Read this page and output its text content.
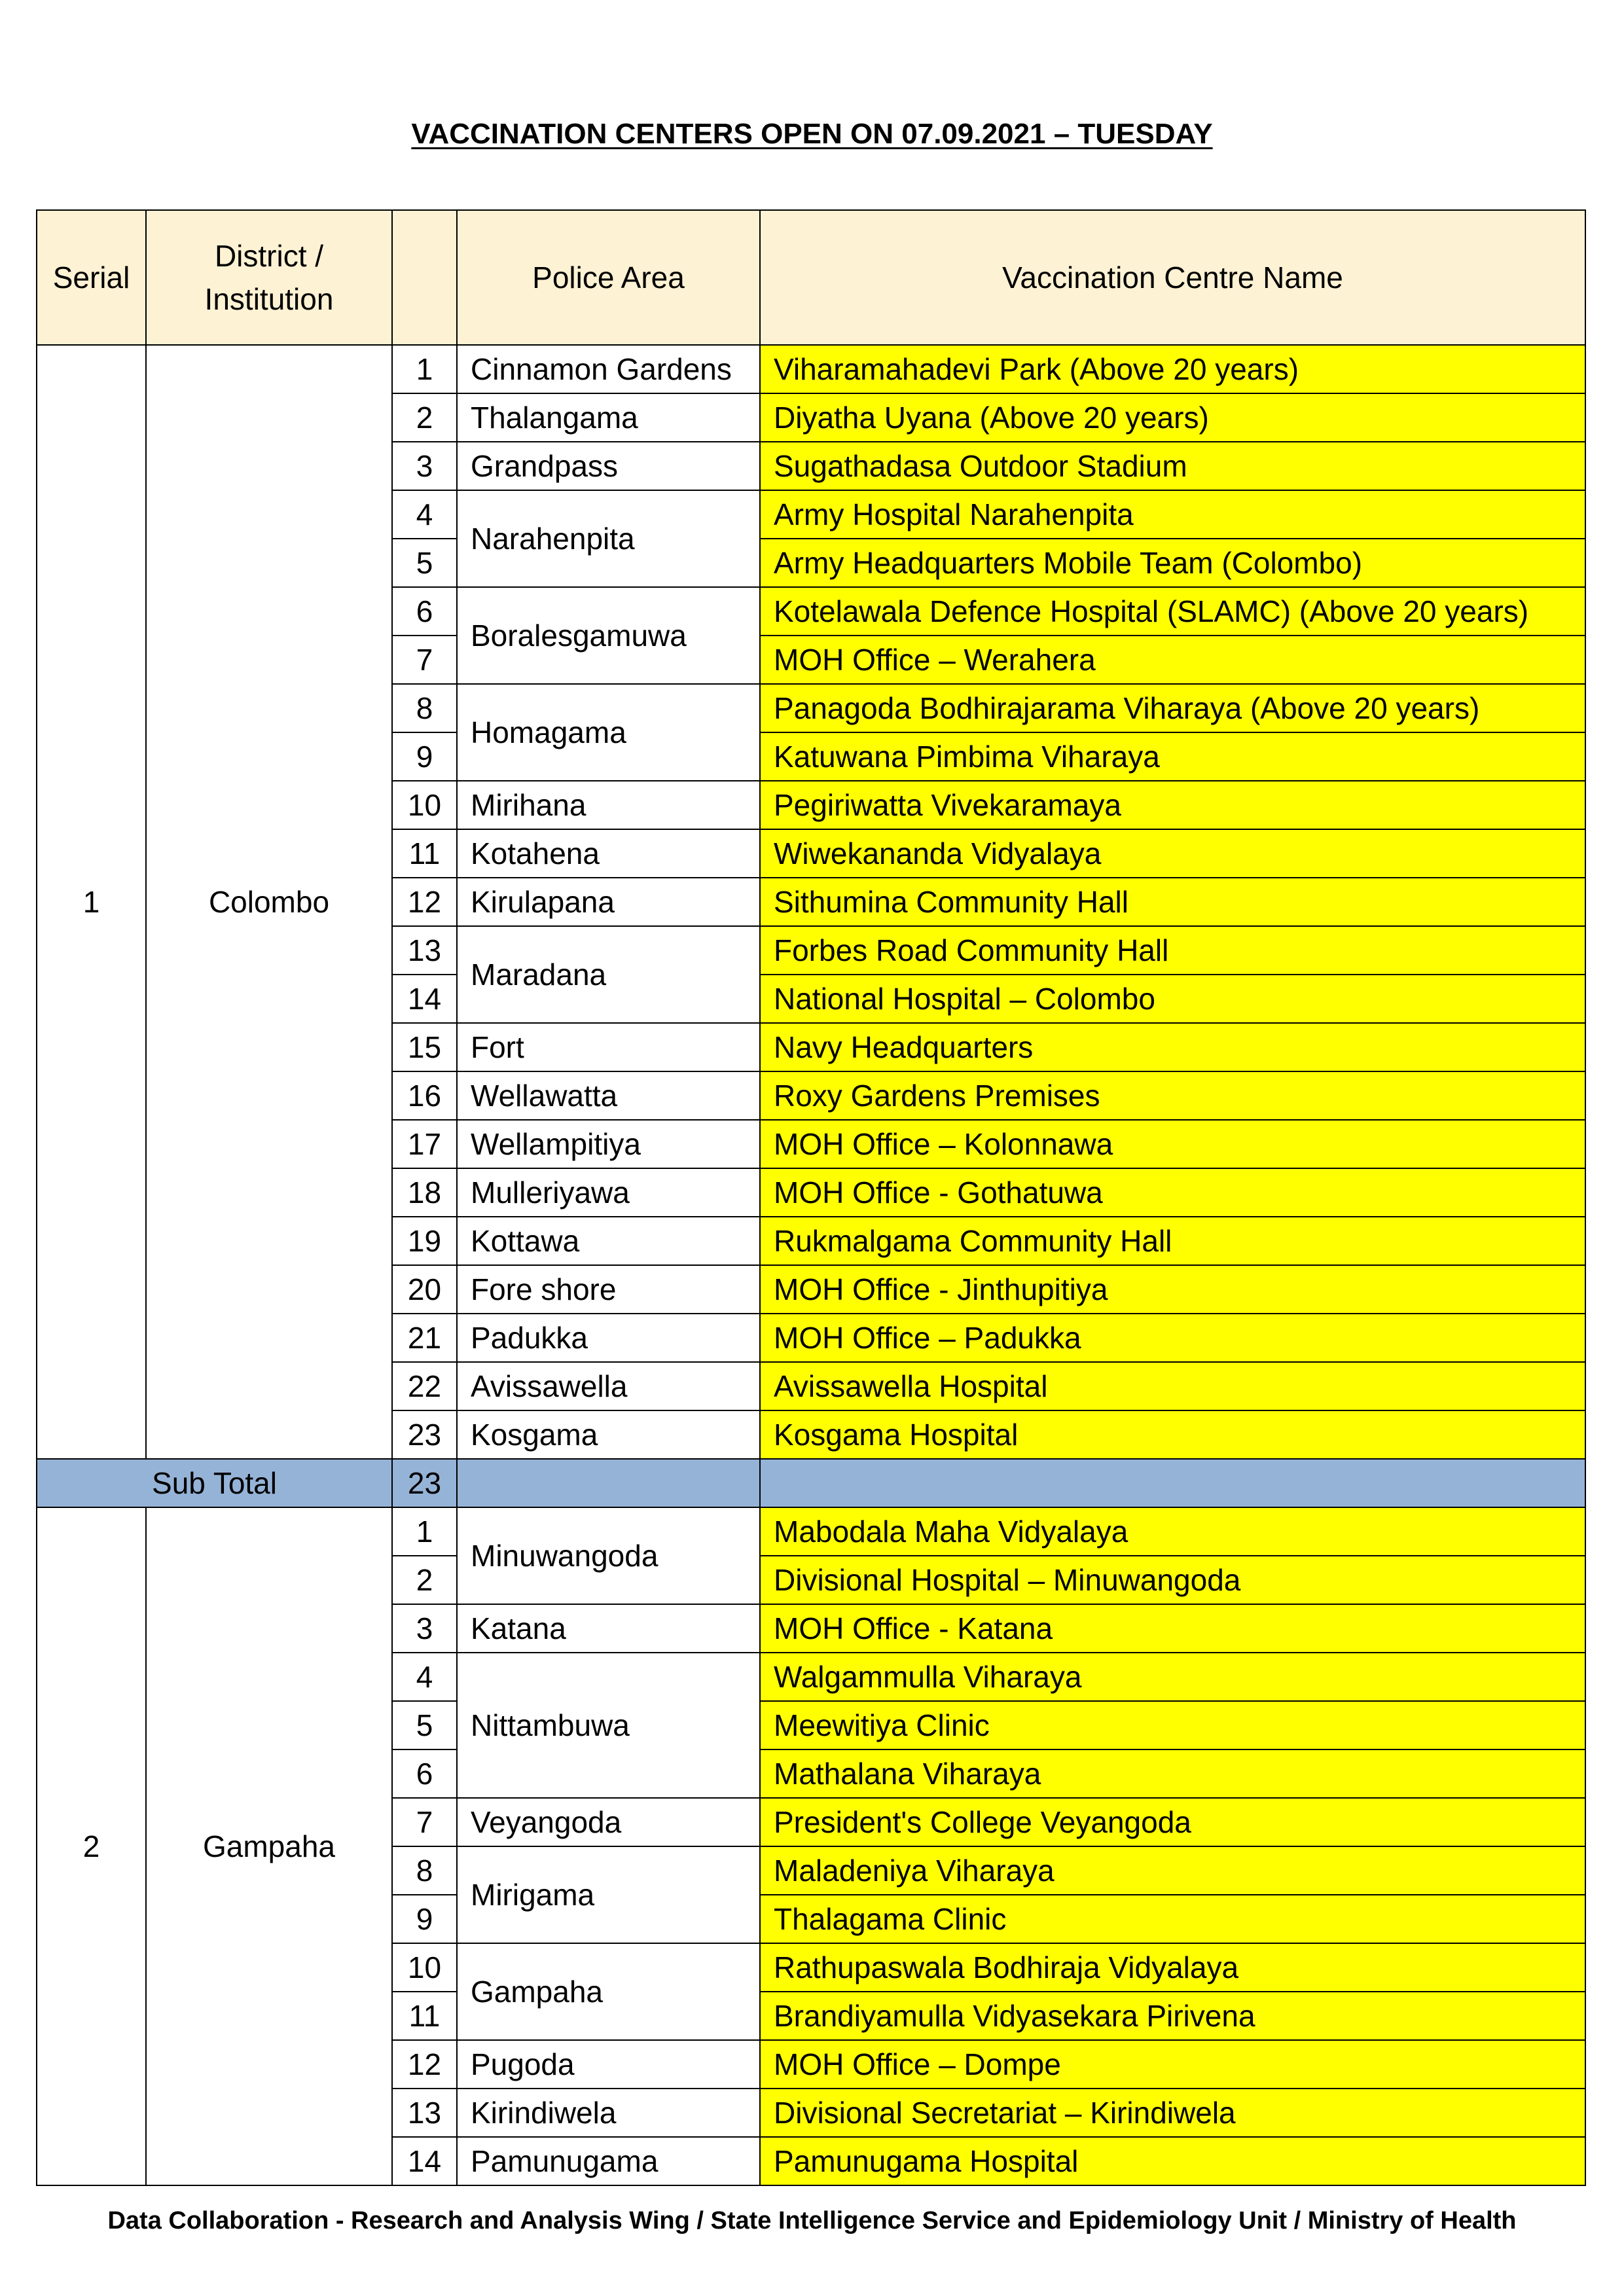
VACCINATION CENTERS OPEN ON 07.09.2021 – TUESDAY
Serial	District /
Institution		Police Area	Vaccination Centre Name
1	Colombo	1	Cinnamon Gardens	Viharamahadevi Park (Above 20 years)
		2	Thalangama	Diyatha Uyana (Above 20 years)
		3	Grandpass	Sugathadasa Outdoor Stadium
		4	Narahenpita	Army Hospital Narahenpita
		5		Army Headquarters Mobile Team (Colombo)
		6	Boralesgamuwa	Kotelawala Defence Hospital (SLAMC) (Above 20 years)
		7		MOH Office – Werahera
		8	Homagama	Panagoda Bodhirajarama Viharaya (Above 20 years)
		9		Katuwana Pimbima Viharaya
		10	Mirihana	Pegiriwatta Vivekaramaya
		11	Kotahena	Wiwekananda Vidyalaya
		12	Kirulapana	Sithumina Community Hall
		13	Maradana	Forbes Road Community Hall
		14		National Hospital – Colombo
		15	Fort	Navy Headquarters
		16	Wellawatta	Roxy Gardens Premises
		17	Wellampitiya	MOH Office – Kolonnawa
		18	Mulleriyawa	MOH Office - Gothatuwa
		19	Kottawa	Rukmalgama Community Hall
		20	Fore shore	MOH Office - Jinthupitiya
		21	Padukka	MOH Office – Padukka
		22	Avissawella	Avissawella Hospital
		23	Kosgama	Kosgama Hospital
Sub Total		23		
2	Gampaha	1	Minuwangoda	Mabodala Maha Vidyalaya
		2		Divisional Hospital – Minuwangoda
		3	Katana	MOH Office - Katana
		4	Nittambuwa	Walgammulla Viharaya
		5		Meewitiya Clinic
		6		Mathalana Viharaya
		7	Veyangoda	President's College Veyangoda
		8	Mirigama	Maladeniya Viharaya
		9		Thalagama Clinic
		10	Gampaha	Rathupaswala Bodhiraja Vidyalaya
		11		Brandiyamulla Vidyasekara Pirivena
		12	Pugoda	MOH Office – Dompe
		13	Kirindiwela	Divisional Secretariat – Kirindiwela
		14	Pamunugama	Pamunugama Hospital
Data Collaboration - Research and Analysis Wing / State Intelligence Service and Epidemiology Unit / Ministry of Health
